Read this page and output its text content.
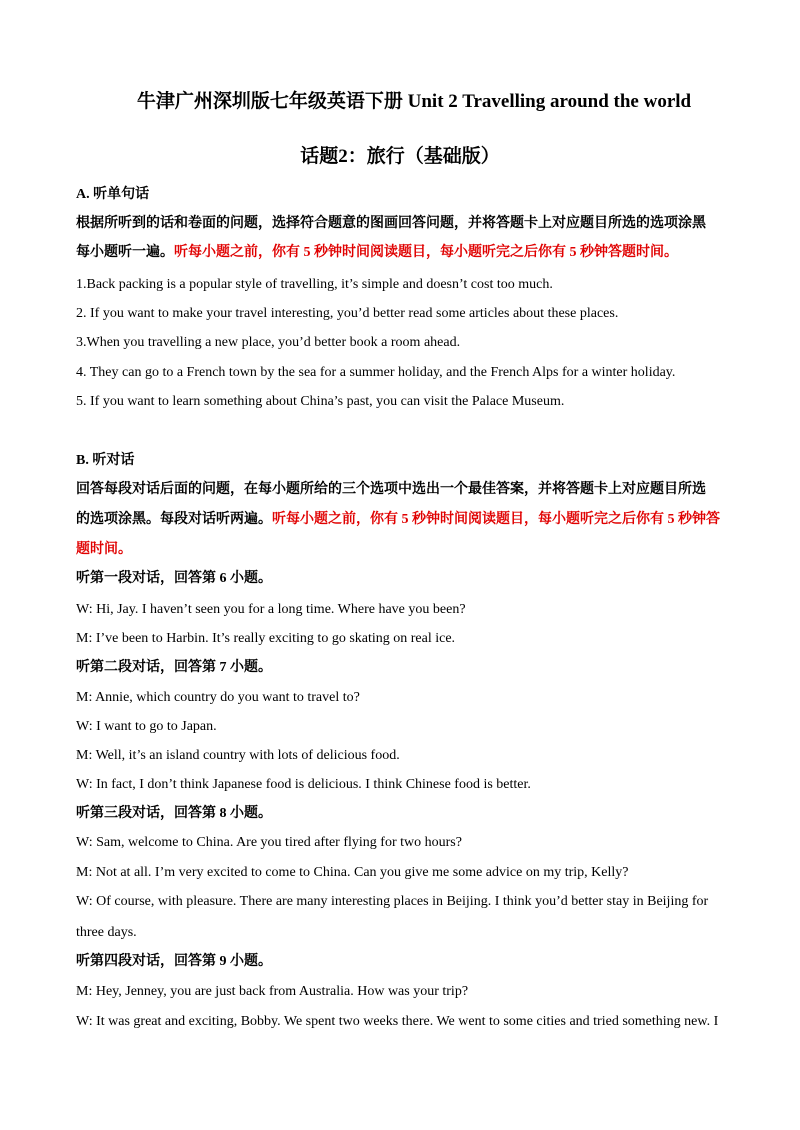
牛津广州深圳版七年级英语下册 Unit 2 Travelling around the world
话题2：旅行（基础版）
A. 听单句话
根据所听到的话和卷面的问题，选择符合题意的图画回答问题，并将答题卡上对应题目所选的选项涂黑
每小题听一遍。听每小题之前，你有 5 秒钟时间阅读题目，每小题听完之后你有 5 秒钟答题时间。
1.Back packing is a popular style of travelling, it’s simple and doesn’t cost too much.
2. If you want to make your travel interesting, you’d better read some articles about these places.
3.When you travelling a new place, you’d better book a room ahead.
4. They can go to a French town by the sea for a summer holiday, and the French Alps for a winter holiday.
5. If you want to learn something about China’s past, you can visit the Palace Museum.
B. 听对话
回答每段对话后面的问题，在每小题所给的三个选项中选出一个最佳答案，并将答题卡上对应题目所选
的选项涂黑。每段对话听两遍。听每小题之前，你有 5 秒钟时间阅读题目，每小题听完之后你有 5 秒钟答
题时间。
听第一段对话，回答第 6 小题。
W: Hi, Jay. I haven’t seen you for a long time. Where have you been?
M: I’ve been to Harbin. It’s really exciting to go skating on real ice.
听第二段对话，回答第 7 小题。
M: Annie, which country do you want to travel to?
W: I want to go to Japan.
M: Well, it’s an island country with lots of delicious food.
W: In fact, I don’t think Japanese food is delicious. I think Chinese food is better.
听第三段对话，回答第 8 小题。
W: Sam, welcome to China. Are you tired after flying for two hours?
M: Not at all. I’m very excited to come to China. Can you give me some advice on my trip, Kelly?
W: Of course, with pleasure. There are many interesting places in Beijing. I think you’d better stay in Beijing for
three days.
听第四段对话，回答第 9 小题。
M: Hey, Jenney, you are just back from Australia. How was your trip?
W: It was great and exciting, Bobby. We spent two weeks there. We went to some cities and tried something new. I
